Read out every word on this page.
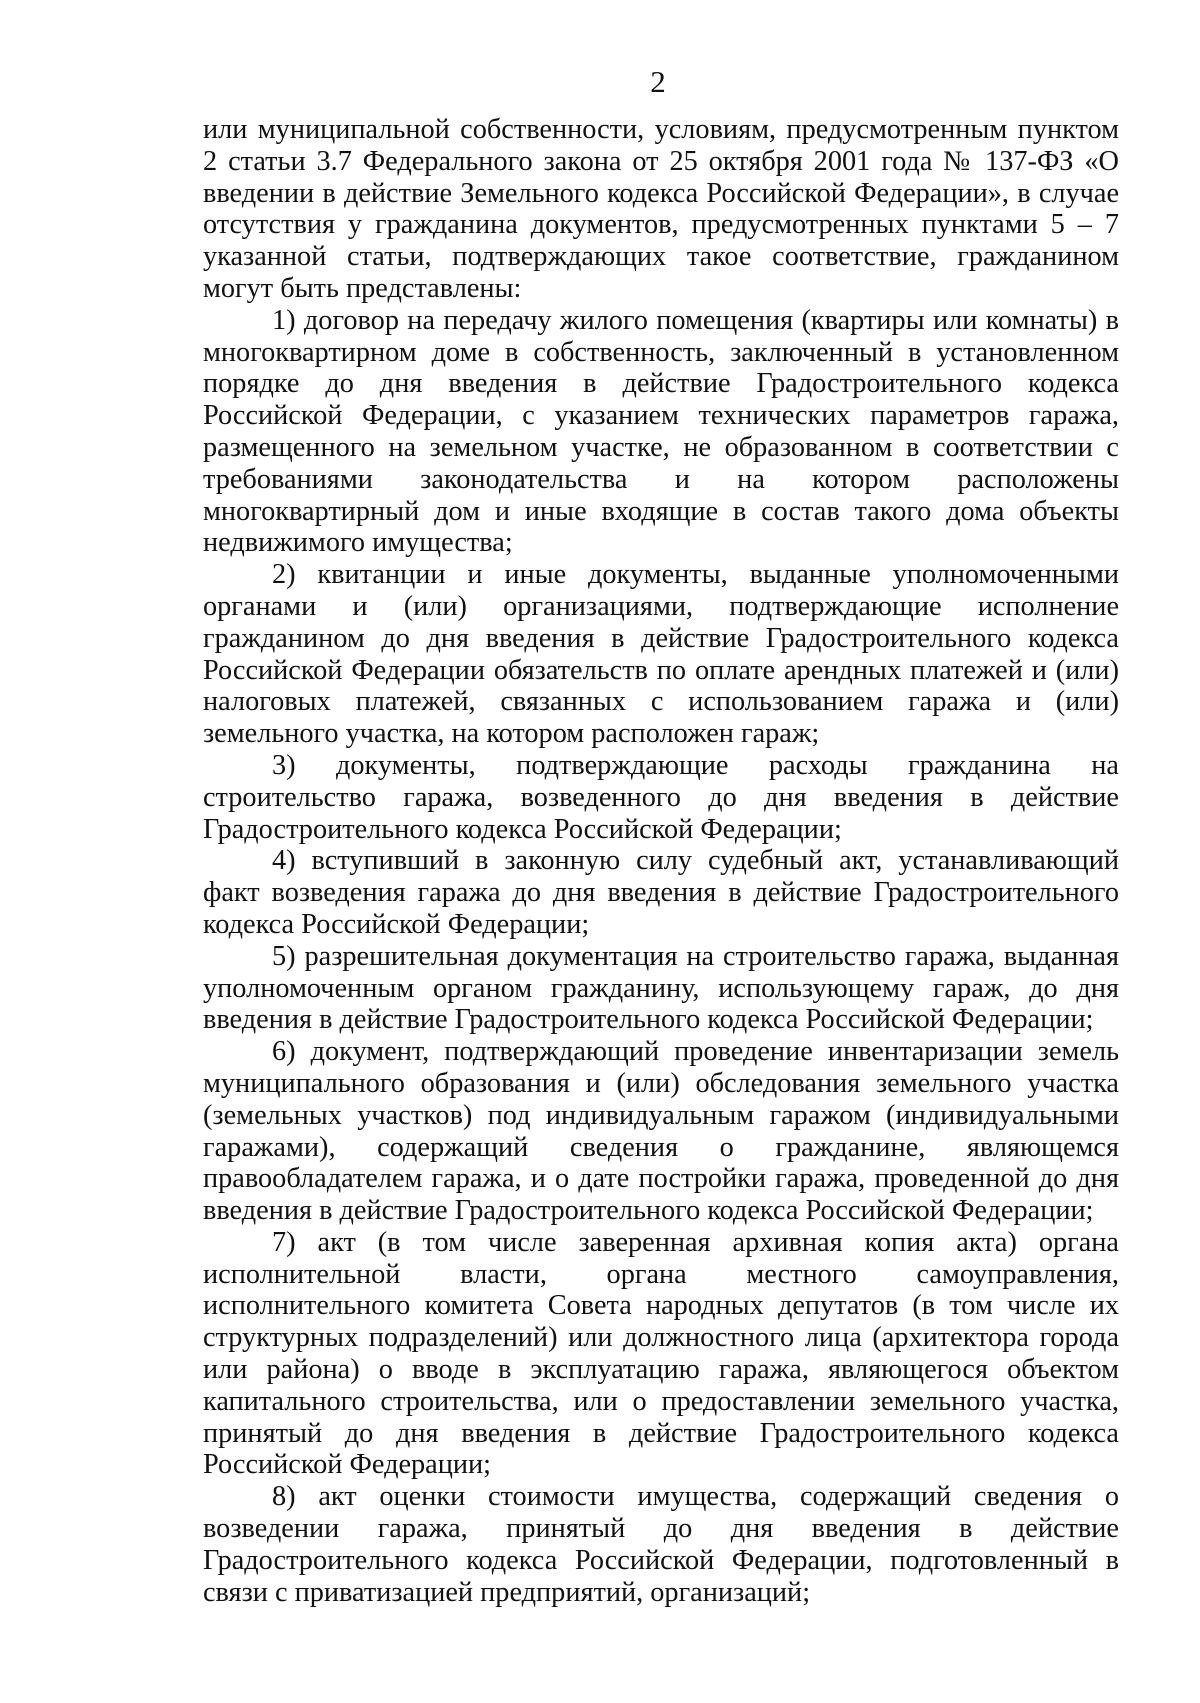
2

или муниципальной собственности, условиям, предусмотренным пунктом 2 статьи 3.7 Федерального закона от 25 октября 2001 года № 137-ФЗ «О введении в действие Земельного кодекса Российской Федерации», в случае отсутствия у гражданина документов, предусмотренных пунктами 5 – 7 указанной статьи, подтверждающих такое соответствие, гражданином могут быть представлены:

1) договор на передачу жилого помещения (квартиры или комнаты) в многоквартирном доме в собственность, заключенный в установленном порядке до дня введения в действие Градостроительного кодекса Российской Федерации, с указанием технических параметров гаража, размещенного на земельном участке, не образованном в соответствии с требованиями законодательства и на котором расположены многоквартирный дом и иные входящие в состав такого дома объекты недвижимого имущества;

2) квитанции и иные документы, выданные уполномоченными органами и (или) организациями, подтверждающие исполнение гражданином до дня введения в действие Градостроительного кодекса Российской Федерации обязательств по оплате арендных платежей и (или) налоговых платежей, связанных с использованием гаража и (или) земельного участка, на котором расположен гараж;

3) документы, подтверждающие расходы гражданина на строительство гаража, возведенного до дня введения в действие Градостроительного кодекса Российской Федерации;

4) вступивший в законную силу судебный акт, устанавливающий факт возведения гаража до дня введения в действие Градостроительного кодекса Российской Федерации;

5) разрешительная документация на строительство гаража, выданная уполномоченным органом гражданину, использующему гараж, до дня введения в действие Градостроительного кодекса Российской Федерации;

6) документ, подтверждающий проведение инвентаризации земель муниципального образования и (или) обследования земельного участка (земельных участков) под индивидуальным гаражом (индивидуальными гаражами), содержащий сведения о гражданине, являющемся правообладателем гаража, и о дате постройки гаража, проведенной до дня введения в действие Градостроительного кодекса Российской Федерации;

7) акт (в том числе заверенная архивная копия акта) органа исполнительной власти, органа местного самоуправления, исполнительного комитета Совета народных депутатов (в том числе их структурных подразделений) или должностного лица (архитектора города или района) о вводе в эксплуатацию гаража, являющегося объектом капитального строительства, или о предоставлении земельного участка, принятый до дня введения в действие Градостроительного кодекса Российской Федерации;

8) акт оценки стоимости имущества, содержащий сведения о возведении гаража, принятый до дня введения в действие Градостроительного кодекса Российской Федерации, подготовленный в связи с приватизацией предприятий, организаций;
